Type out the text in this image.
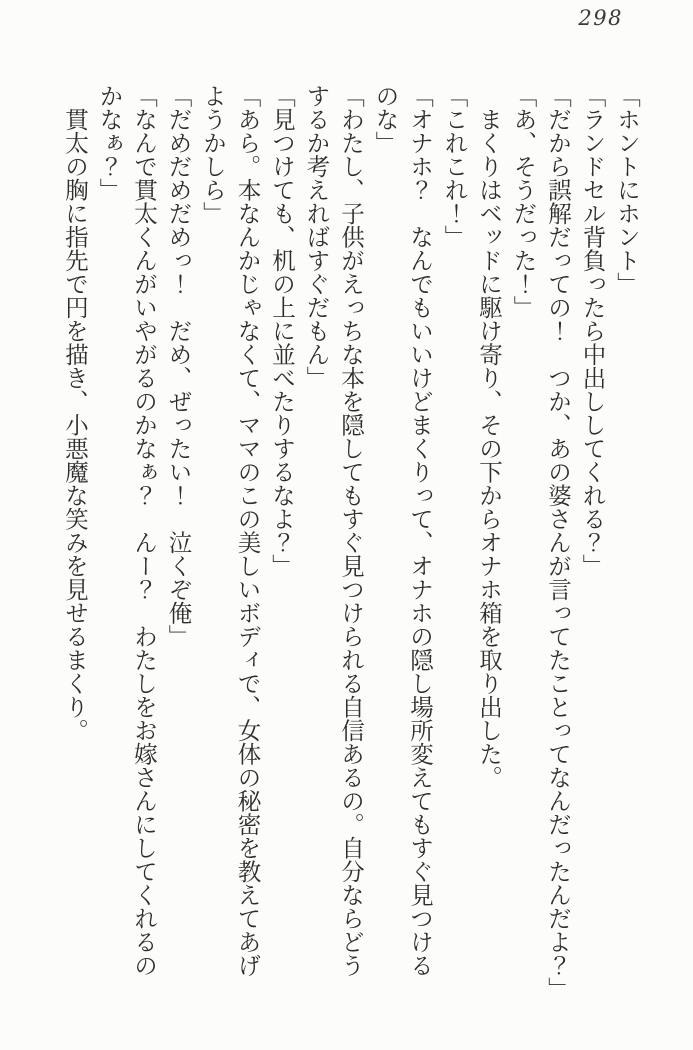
298

「ホントにホント」

「ランドセル背負ったら中出ししてくれる？」

「だから誤解だっての！　つか、あの婆さんが言ってたことってなんだったんだよ？」

「あ、そうだった！」

　まくりはベッドに駆け寄り、その下からオナホ箱を取り出した。

「これこれ！」

「オナホ？　なんでもいいけどまくりって、オナホの隠し場所変えてもすぐ見つける

のな」

「わたし、子供がえっちな本を隠してもすぐ見つけられる自信あるの。自分ならどう

するか考えればすぐだもん」

「見つけても、机の上に並べたりするなよ？」

「あら。本なんかじゃなくて、ママのこの美しいボディで、女体の秘密を教えてあげ

ようかしら」

「だめだめだめっ！　だめ、ぜったい！　泣くぞ俺」

「なんで貫太くんがいやがるのかなぁ？　んー？　わたしをお嫁さんにしてくれるの

かなぁ？」

　貫太の胸に指先で円を描き、小悪魔な笑みを見せるまくり。
